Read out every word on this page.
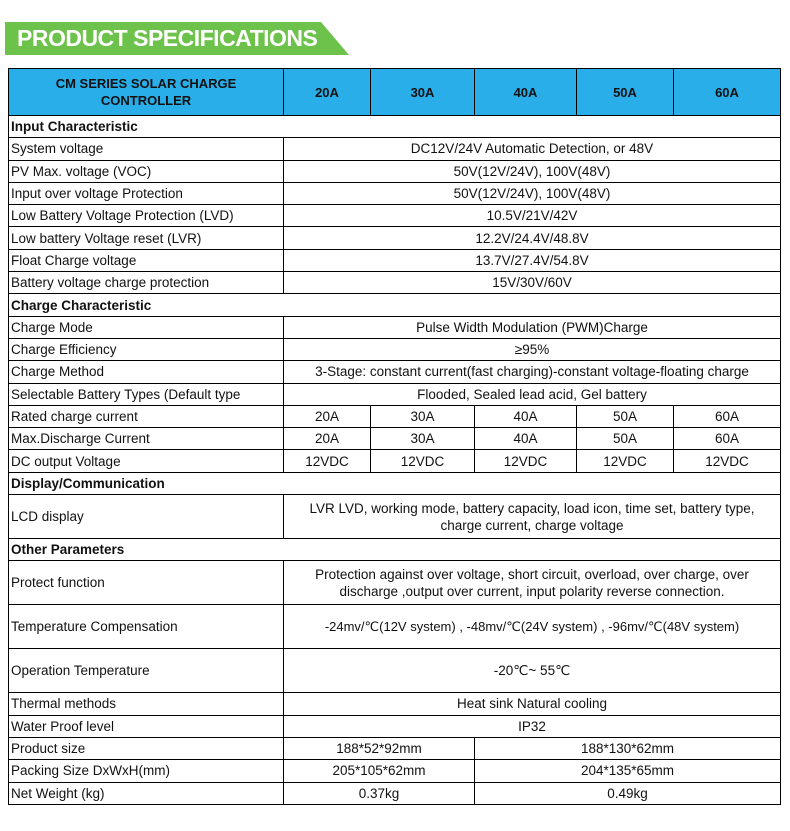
PRODUCT SPECIFICATIONS
CM SERIES SOLAR CHARGE CONTROLLER	20A	30A	40A	50A	60A
Input Characteristic					
System voltage	DC12V/24V Automatic Detection, or 48V				
PV Max. voltage (VOC)	50V(12V/24V), 100V(48V)				
Input over voltage Protection	50V(12V/24V), 100V(48V)				
Low Battery Voltage Protection (LVD)	10.5V/21V/42V				
Low battery Voltage reset (LVR)	12.2V/24.4V/48.8V				
Float Charge voltage	13.7V/27.4V/54.8V				
Battery voltage charge protection	15V/30V/60V				
Charge Characteristic					
Charge Mode	Pulse Width Modulation (PWM)Charge				
Charge Efficiency	≥95%				
Charge Method	3-Stage: constant current(fast charging)-constant voltage-floating charge				
Selectable Battery Types (Default type	Flooded, Sealed lead acid, Gel battery				
Rated charge current	20A	30A	40A	50A	60A
Max.Discharge Current	20A	30A	40A	50A	60A
DC output Voltage	12VDC	12VDC	12VDC	12VDC	12VDC
Display/Communication					
LCD display	LVR LVD, working mode, battery capacity, load icon, time set, battery type,
charge current, charge voltage				

Other Parameters					
Protect function	Protection against over voltage, short circuit, overload, over charge, over
discharge ,output over current, input polarity reverse connection.				

Temperature Compensation	-24mv/℃(12V system) , -48mv/℃(24V system) , -96mv/℃(48V system)				
Operation Temperature	-20℃~ 55℃				
Thermal methods	Heat sink Natural cooling				
Water Proof level	IP32				
Product size	188*52*92mm		188*130*62mm		
Packing Size DxWxH(mm)	205*105*62mm		204*135*65mm		
Net Weight (kg)	0.37kg		0.49kg		
